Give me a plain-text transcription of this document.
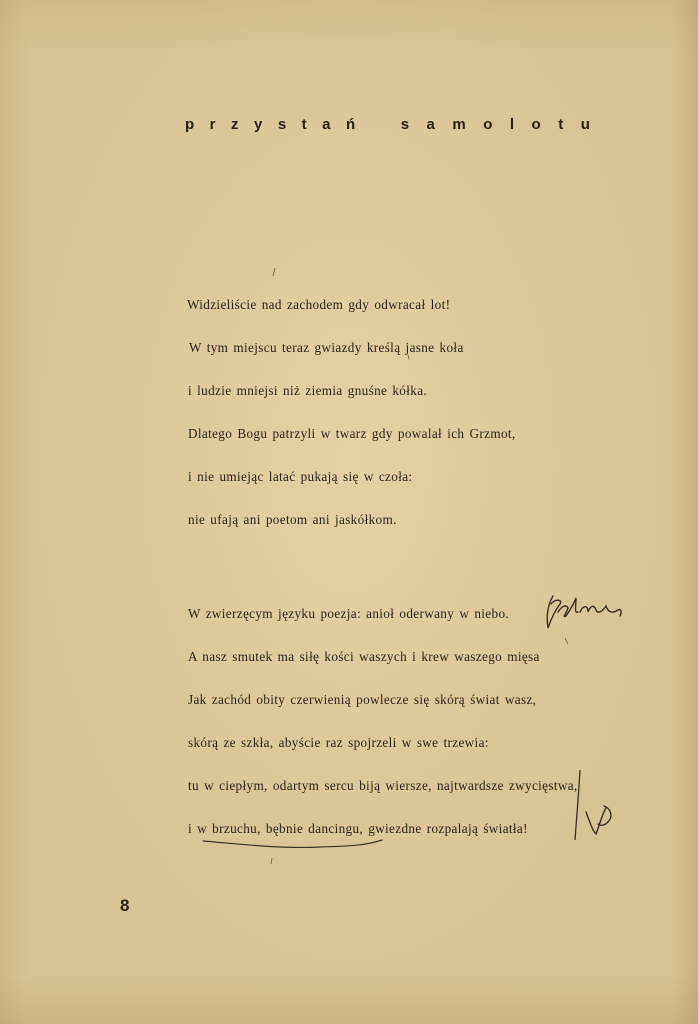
przystań samolotu
Widzieliście nad zachodem gdy odwracał lot!
W tym miejscu teraz gwiazdy kreślą jasne koła
i ludzie mniejsi niż ziemia gnuśne kółka.
Dlatego Bogu patrzyli w twarz gdy powalał ich Grzmot,
i nie umiejąc latać pukają się w czoła:
nie ufają ani poetom ani jaskółkom.
W zwierzęcym języku poezja: anioł oderwany w niebo.
A nasz smutek ma siłę kości waszych i krew waszego mięsa
Jak zachód obity czerwienią powlecze się skórą świat wasz,
skórą ze szkła, abyście raz spojrzeli w swe trzewia:
tu w ciepłym, odartym sercu biją wiersze, najtwardsze zwycięstwa,
i w brzuchu, bębnie dancingu, gwiezdne rozpalają światła!
8
